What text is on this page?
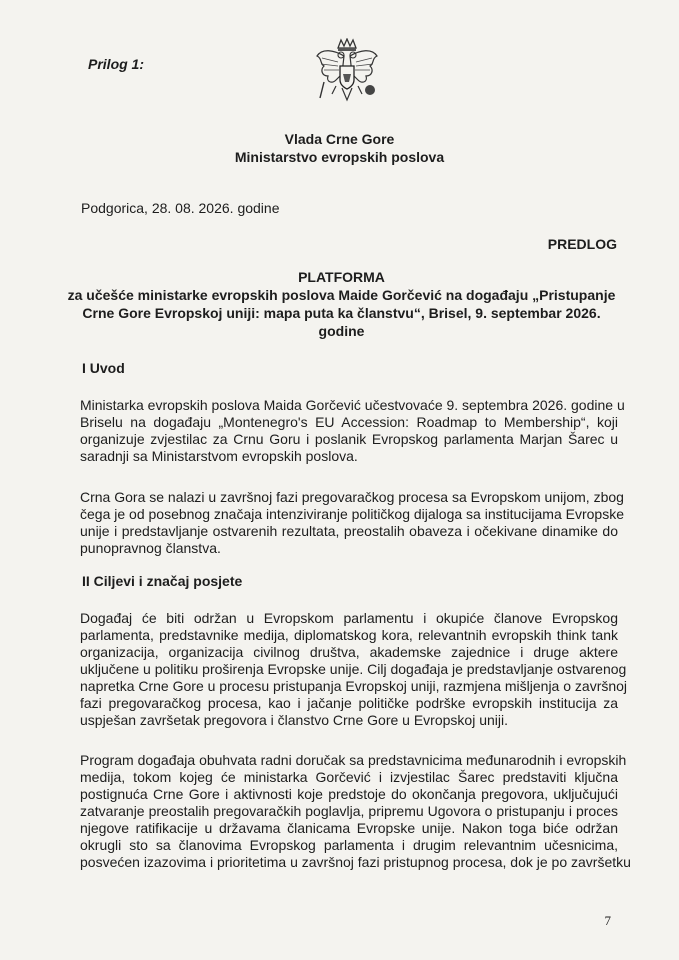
Prilog 1:
Vlada Crne Gore
Ministarstvo evropskih poslova
Podgorica, 28. 08. 2026. godine
PREDLOG
PLATFORMA
za učešće ministarke evropskih poslova Maide Gorčević na događaju „Pristupanje
Crne Gore Evropskoj uniji: mapa puta ka članstvu“, Brisel, 9. septembar 2026.
godine
I Uvod
Ministarka evropskih poslova Maida Gorčević učestvovaće 9. septembra 2026. godine u
Briselu na događaju „Montenegro's EU Accession: Roadmap to Membership“, koji
organizuje zvjestilac za Crnu Goru i poslanik Evropskog parlamenta Marjan Šarec u
saradnji sa Ministarstvom evropskih poslova.
Crna Gora se nalazi u završnoj fazi pregovaračkog procesa sa Evropskom unijom, zbog
čega je od posebnog značaja intenziviranje političkog dijaloga sa institucijama Evropske
unije i predstavljanje ostvarenih rezultata, preostalih obaveza i očekivane dinamike do
punopravnog članstva.
II Ciljevi i značaj posjete
Događaj će biti održan u Evropskom parlamentu i okupiće članove Evropskog
parlamenta, predstavnike medija, diplomatskog kora, relevantnih evropskih think tank
organizacija, organizacija civilnog društva, akademske zajednice i druge aktere
uključene u politiku proširenja Evropske unije. Cilj događaja je predstavljanje ostvarenog
napretka Crne Gore u procesu pristupanja Evropskoj uniji, razmjena mišljenja o završnoj
fazi pregovaračkog procesa, kao i jačanje političke podrške evropskih institucija za
uspješan završetak pregovora i članstvo Crne Gore u Evropskoj uniji.
Program događaja obuhvata radni doručak sa predstavnicima međunarodnih i evropskih
medija, tokom kojeg će ministarka Gorčević i izvjestilac Šarec predstaviti ključna
postignuća Crne Gore i aktivnosti koje predstoje do okončanja pregovora, uključujući
zatvaranje preostalih pregovaračkih poglavlja, pripremu Ugovora o pristupanju i proces
njegove ratifikacije u državama članicama Evropske unije. Nakon toga biće održan
okrugli sto sa članovima Evropskog parlamenta i drugim relevantnim učesnicima,
posvećen izazovima i prioritetima u završnoj fazi pristupnog procesa, dok je po završetku
7
